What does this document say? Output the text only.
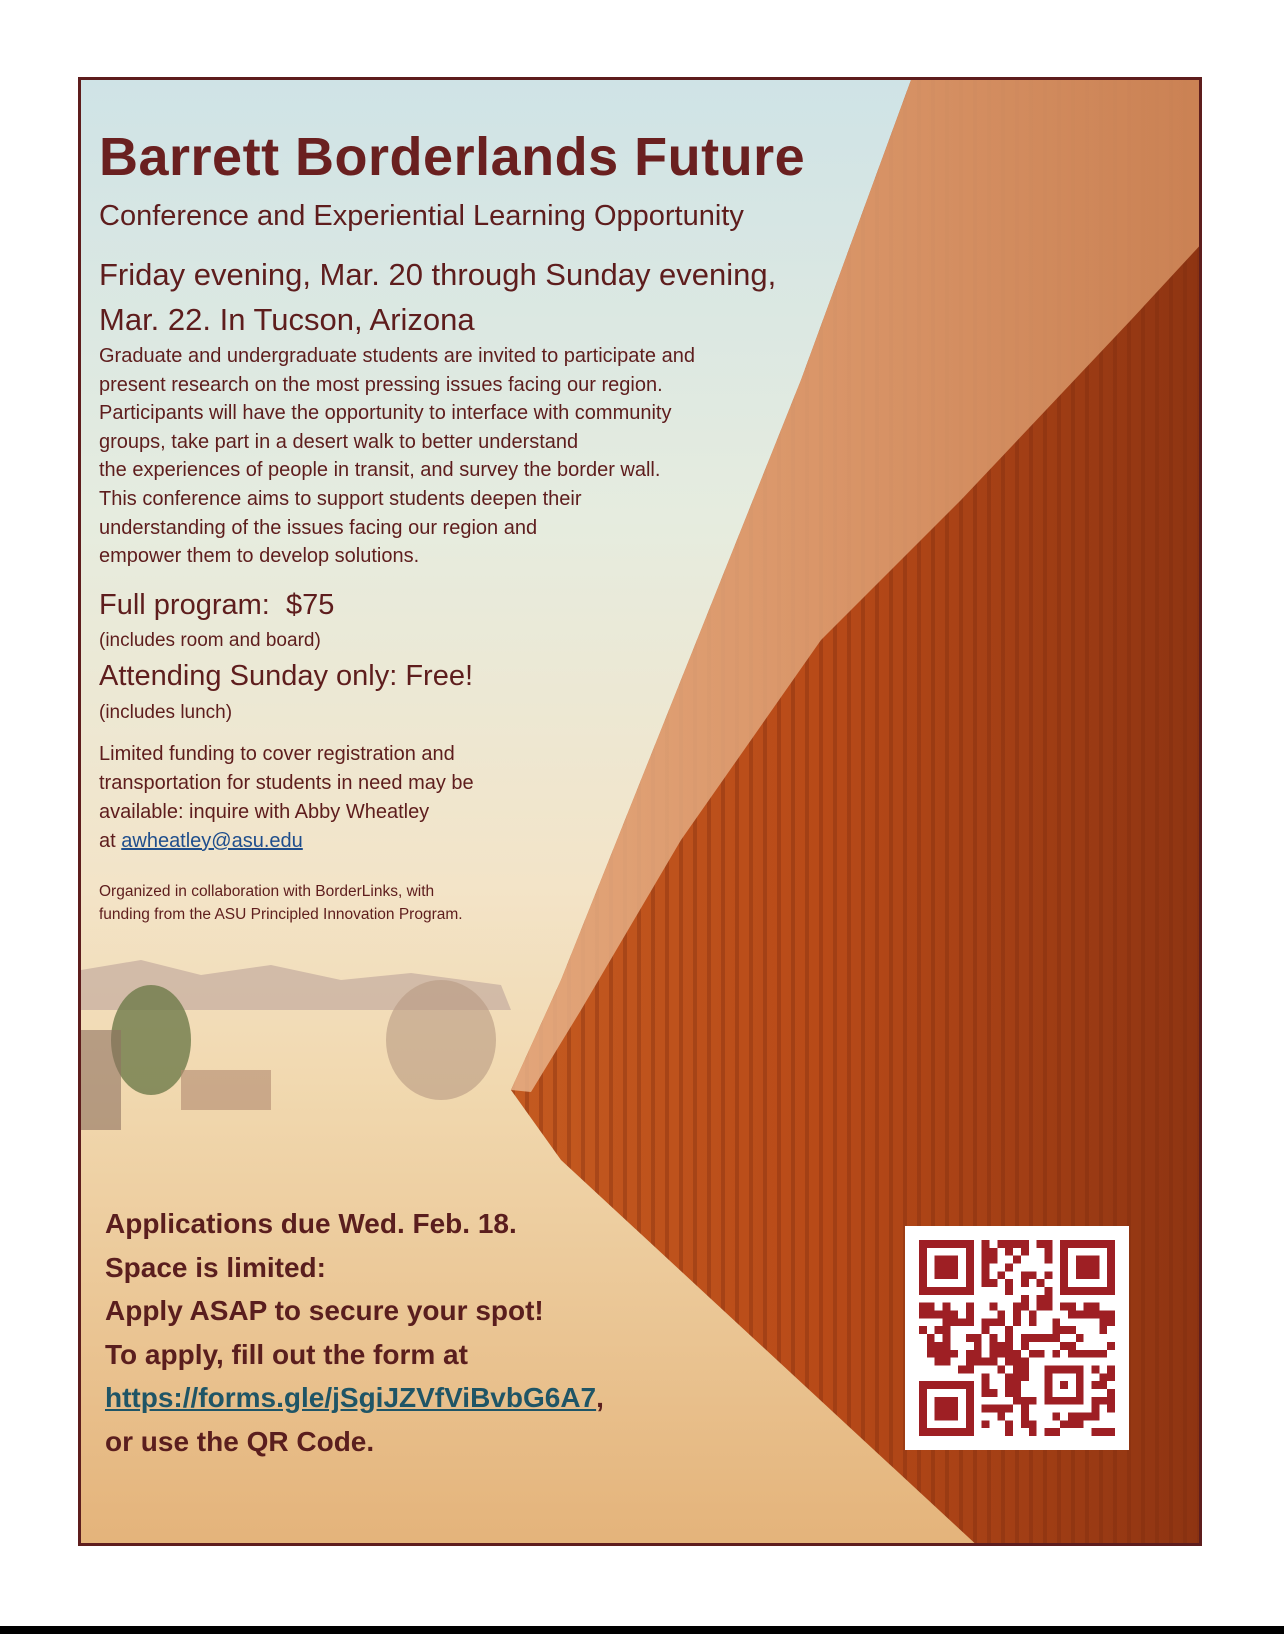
Barrett Borderlands Future
Conference and Experiential Learning Opportunity
Friday evening, Mar. 20 through Sunday evening,
Mar. 22. In Tucson, Arizona
Graduate and undergraduate students are invited to participate and
present research on the most pressing issues facing our region.
Participants will have the opportunity to interface with community
groups, take part in a desert walk to better understand
the experiences of people in transit, and survey the border wall.
This conference aims to support students deepen their
understanding of the issues facing our region and
empower them to develop solutions.
Full program: $75
(includes room and board)
Attending Sunday only: Free!
(includes lunch)
Limited funding to cover registration and
transportation for students in need may be
available: inquire with Abby Wheatley
at awheatley@asu.edu
Organized in collaboration with BorderLinks, with
funding from the ASU Principled Innovation Program.
Applications due Wed. Feb. 18.
Space is limited:
Apply ASAP to secure your spot!
To apply, fill out the form at
https://forms.gle/jSgiJZVfViBvbG6A7,
or use the QR Code.
